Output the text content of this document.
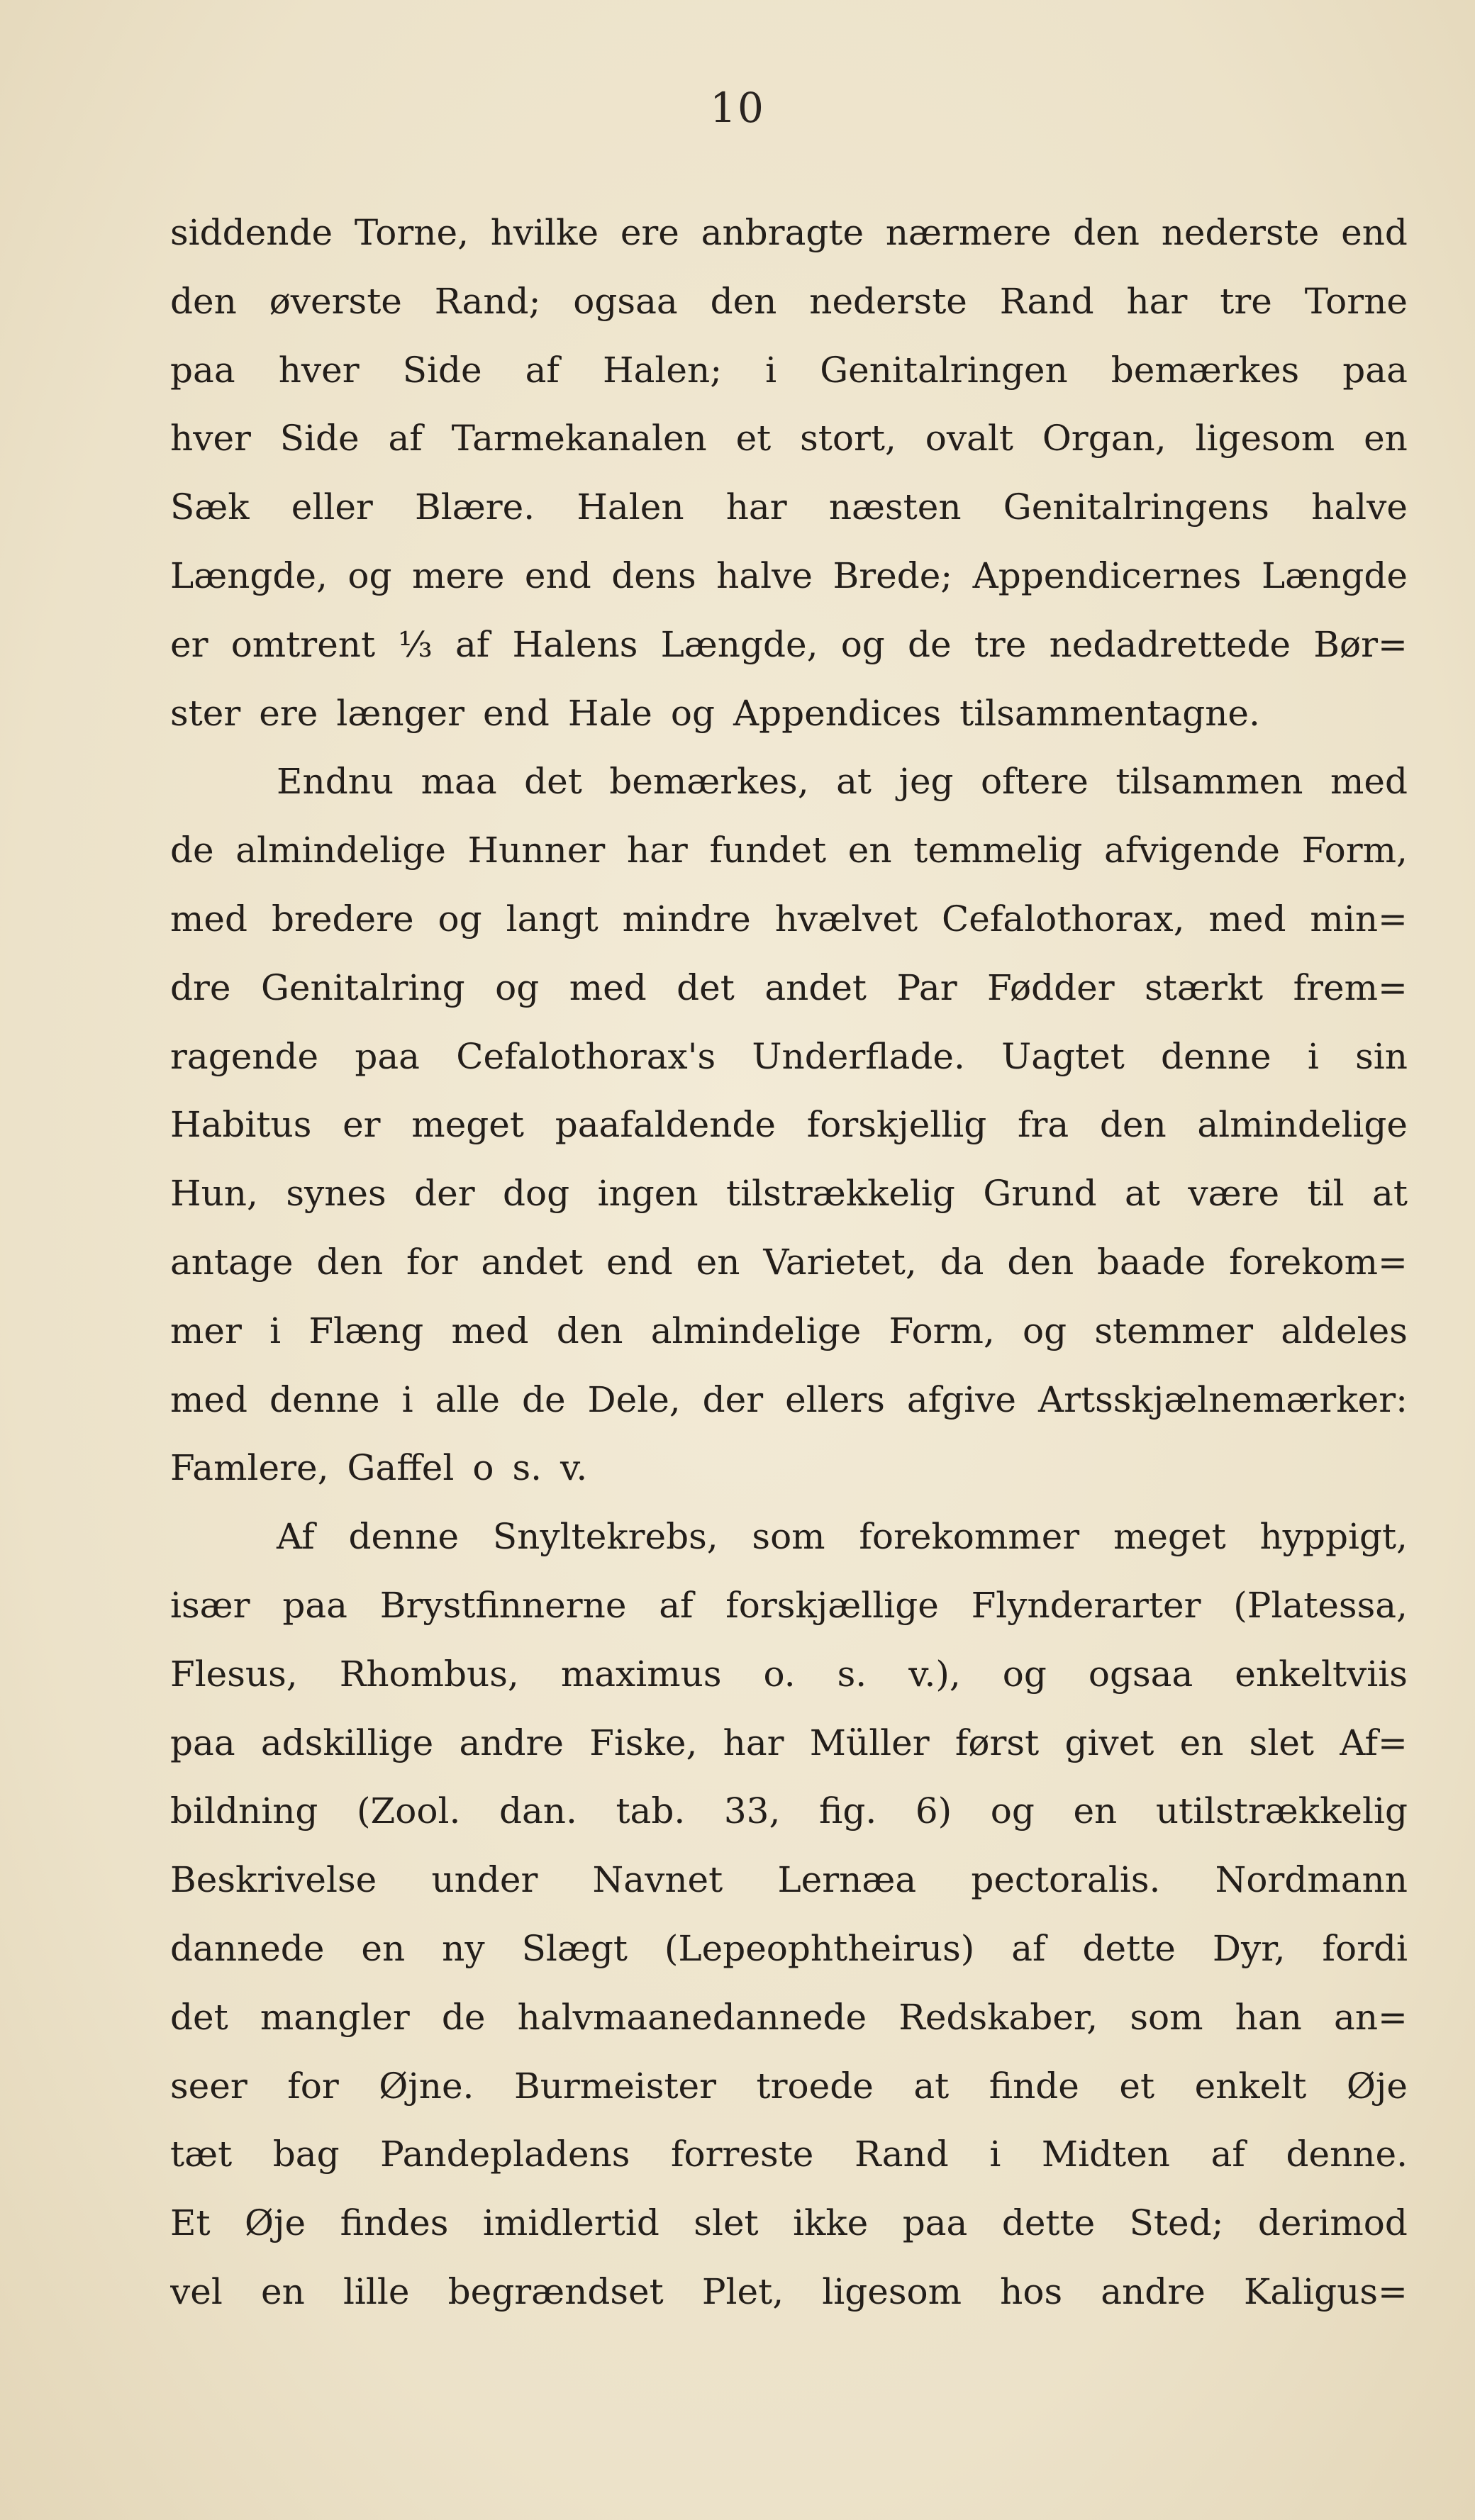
10
siddende Torne, hvilke ere anbragte nærmere den nederste end
den øverste Rand; ogsaa den nederste Rand har tre Torne
paa hver Side af Halen; i Genitalringen bemærkes paa
hver Side af Tarmekanalen et stort, ovalt Organ, ligesom en
Sæk eller Blære. Halen har næsten Genitalringens halve
Længde, og mere end dens halve Brede; Appendicernes Længde
er omtrent ⅓ af Halens Længde, og de tre nedadrettede Bør=
ster ere længer end Hale og Appendices tilsammentagne.
Endnu maa det bemærkes, at jeg oftere tilsammen med
de almindelige Hunner har fundet en temmelig afvigende Form,
med bredere og langt mindre hvælvet Cefalothorax, med min=
dre Genitalring og med det andet Par Fødder stærkt frem=
ragende paa Cefalothorax's Underflade. Uagtet denne i sin
Habitus er meget paafaldende forskjellig fra den almindelige
Hun, synes der dog ingen tilstrækkelig Grund at være til at
antage den for andet end en Varietet, da den baade forekom=
mer i Flæng med den almindelige Form, og stemmer aldeles
med denne i alle de Dele, der ellers afgive Artsskjælnemærker:
Famlere, Gaffel o s. v.
Af denne Snyltekrebs, som forekommer meget hyppigt,
især paa Brystfinnerne af forskjællige Flynderarter (Platessa,
Flesus, Rhombus, maximus o. s. v.), og ogsaa enkeltviis
paa adskillige andre Fiske, har Müller først givet en slet Af=
bildning (Zool. dan. tab. 33, fig. 6) og en utilstrækkelig
Beskrivelse under Navnet Lernæa pectoralis. Nordmann
dannede en ny Slægt (Lepeophtheirus) af dette Dyr, fordi
det mangler de halvmaanedannede Redskaber, som han an=
seer for Øjne. Burmeister troede at finde et enkelt Øje
tæt bag Pandepladens forreste Rand i Midten af denne.
Et Øje findes imidlertid slet ikke paa dette Sted; derimod
vel en lille begrændset Plet, ligesom hos andre Kaligus=
